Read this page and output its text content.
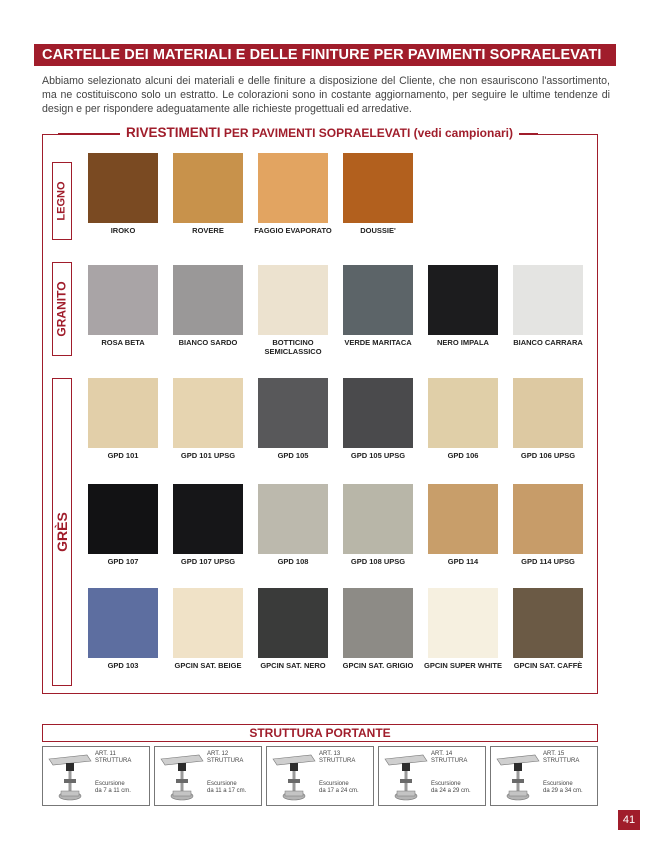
CARTELLE DEI MATERIALI E DELLE FINITURE PER PAVIMENTI SOPRAELEVATI

Abbiamo selezionato alcuni dei materiali e delle finiture a disposizione del Cliente, che non esauriscono l'assortimento, ma ne costituiscono solo un estratto. Le colorazioni sono in costante aggiornamento, per seguire le ultime tendenze di design e per rispondere adeguatamente alle richieste progettuali ed arredative.

RIVESTIMENTI PER PAVIMENTI SOPRAELEVATI (vedi campionari)
LEGNO
GRANITO
GRÈS
IROKO	ROVERE	FAGGIO EVAPORATO	DOUSSIE'
ROSA BETA	BIANCO SARDO	BOTTICINO SEMICLASSICO
VERDE MARITACA	NERO IMPALA	BIANCO CARRARA
GPD 101	GPD 101 UPSG	GPD 105	GPD 105 UPSG	GPD 106	GPD 106 UPSG
GPD 107	GPD 107 UPSG	GPD 108	GPD 108 UPSG	GPD 114	GPD 114 UPSG
GPD 103	GPCIN SAT. BEIGE	GPCIN SAT. NERO	GPCIN SAT. GRIGIO	GPCIN SUPER WHITE	GPCIN SAT. CAFFÈ
STRUTTURA PORTANTE
ART. 11
STRUTTURA
Escursione
da 7 a 11 cm.
ART. 12
STRUTTURA
Escursione
da 11 a 17 cm.
ART. 13
STRUTTURA
Escursione
da 17 a 24 cm.
ART. 14
STRUTTURA
Escursione
da 24 a 29 cm.
ART. 15
STRUTTURA
Escursione
da 29 a 34 cm.
41
